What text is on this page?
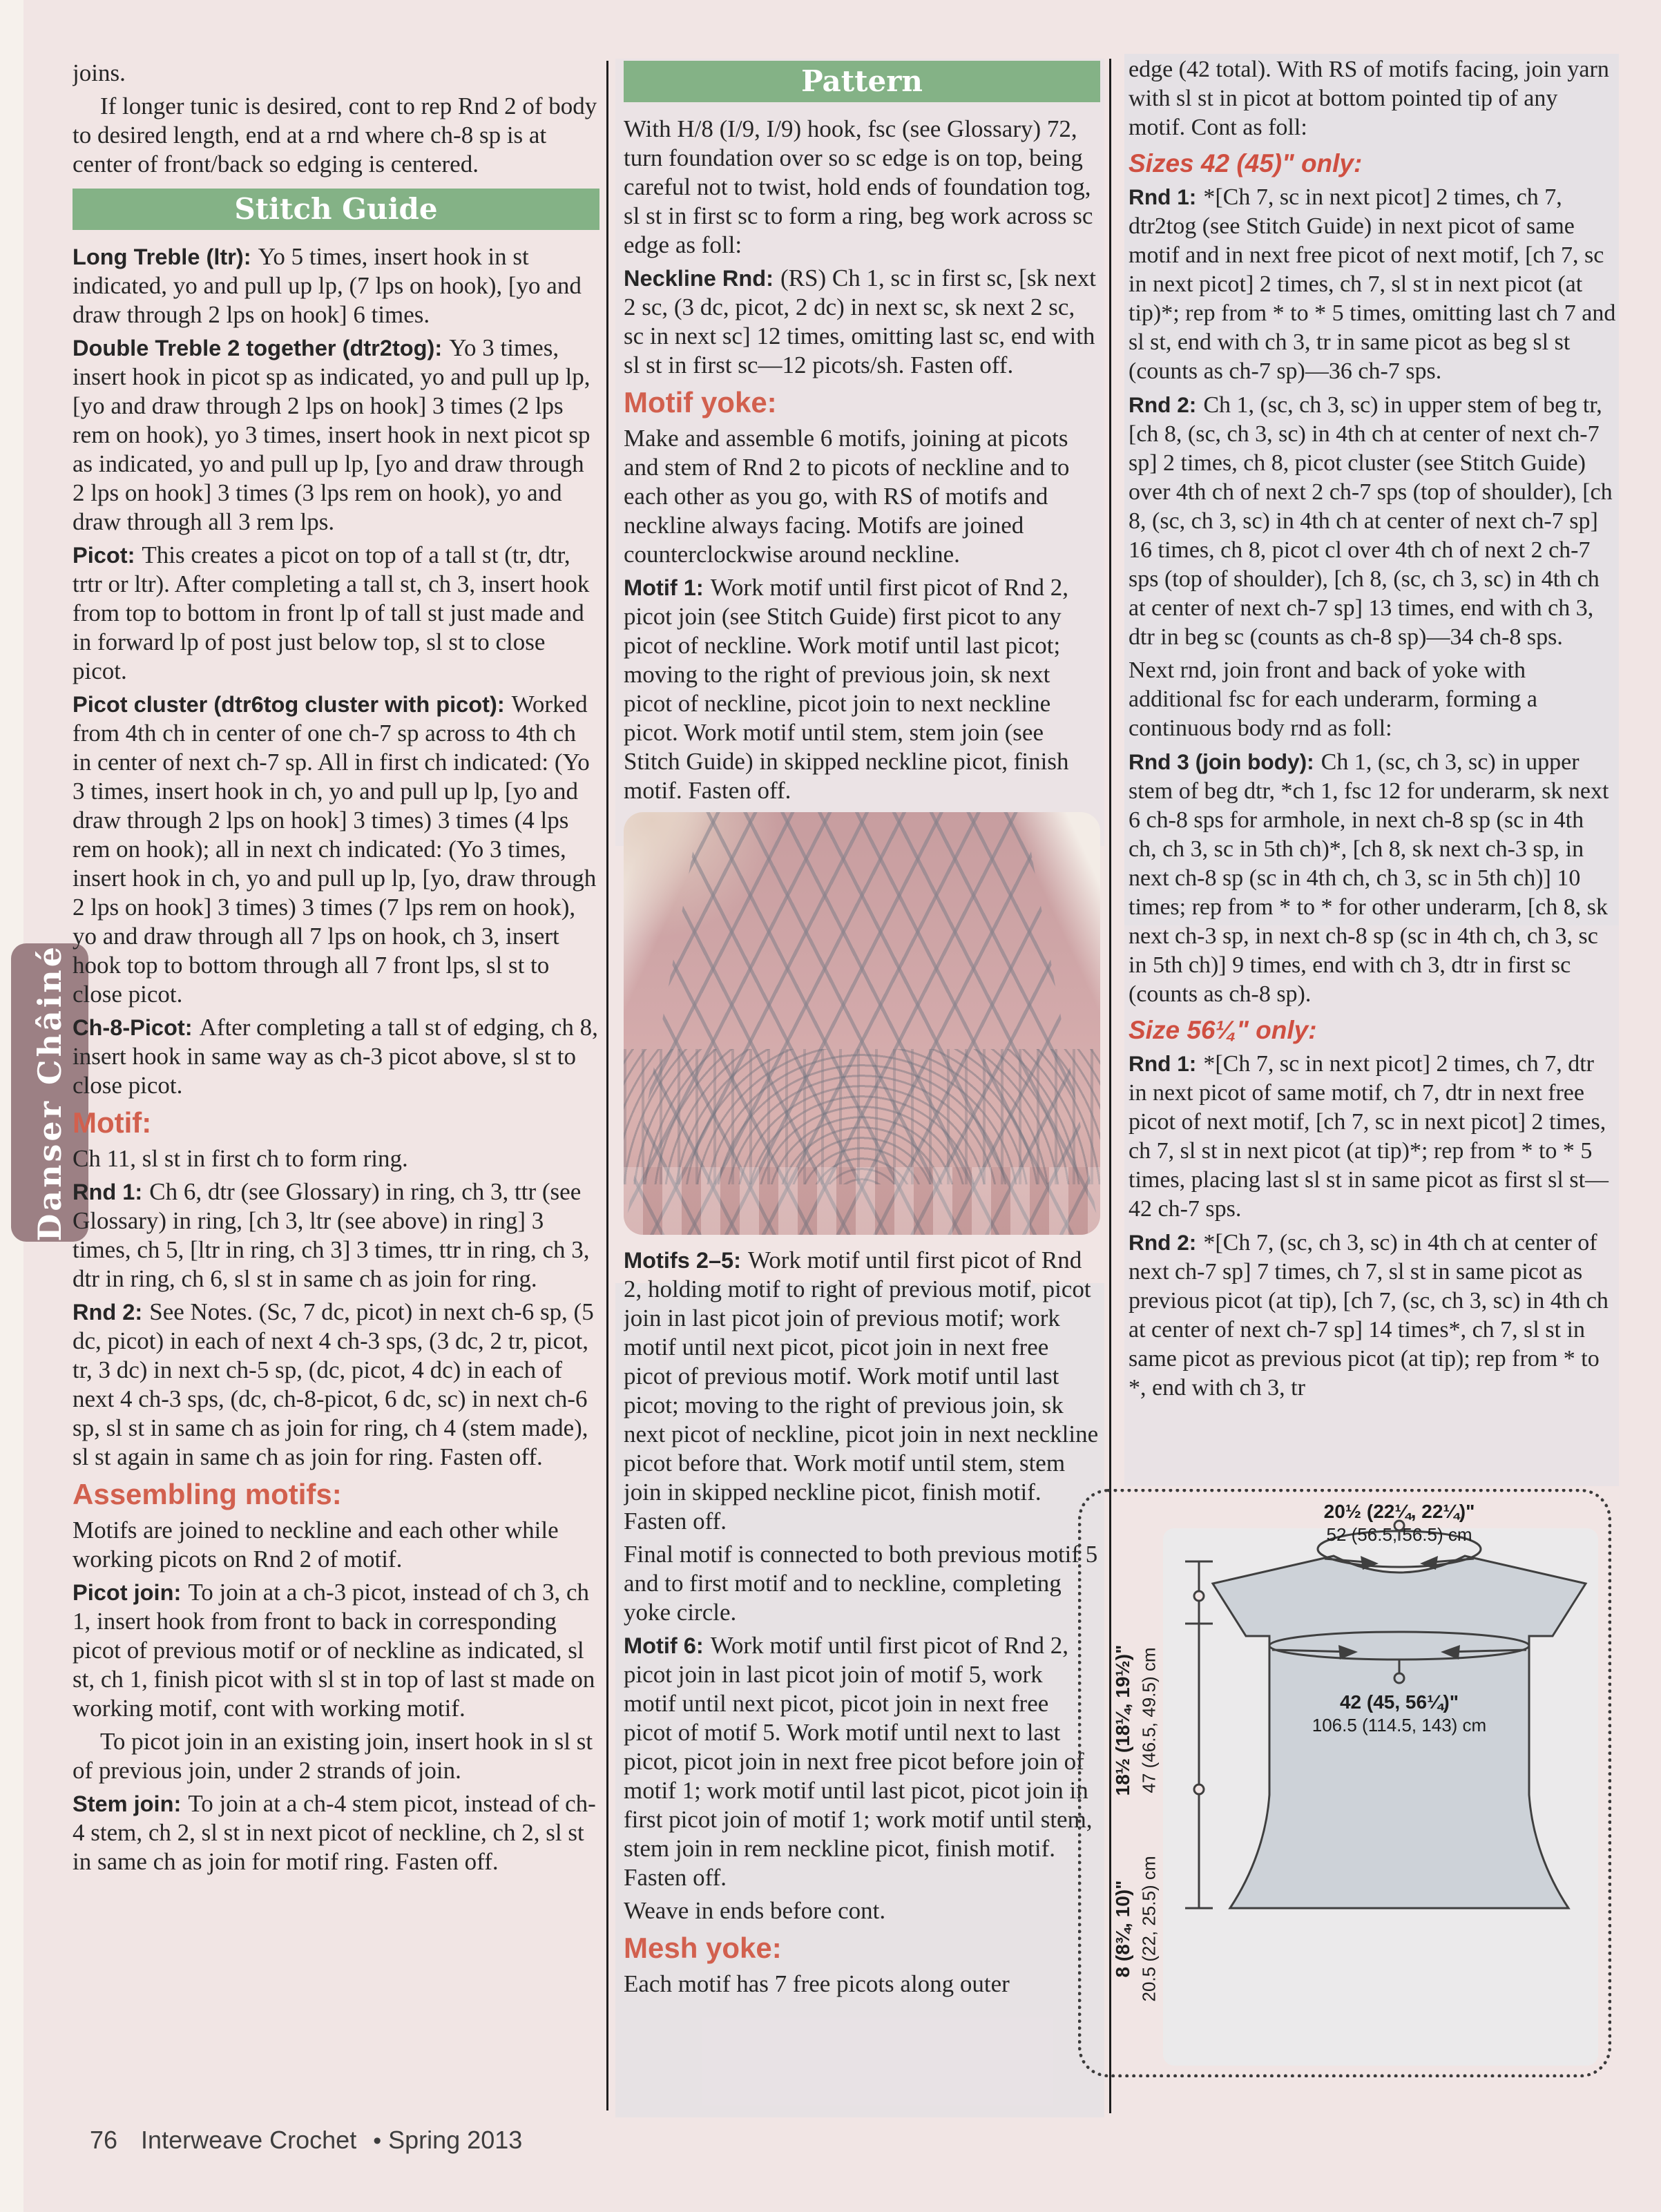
Danser Châiné

joins.

If longer tunic is desired, cont to rep Rnd 2 of body to desired length, end at a rnd where ch-8 sp is at center of front/back so edging is centered.

Stitch Guide

Long Treble (ltr): Yo 5 times, insert hook in st indicated, yo and pull up lp, (7 lps on hook), [yo and draw through 2 lps on hook] 6 times.

Double Treble 2 together (dtr2tog): Yo 3 times, insert hook in picot sp as indicated, yo and pull up lp, [yo and draw through 2 lps on hook] 3 times (2 lps rem on hook), yo 3 times, insert hook in next picot sp as indicated, yo and pull up lp, [yo and draw through 2 lps on hook] 3 times (3 lps rem on hook), yo and draw through all 3 rem lps.

Picot: This creates a picot on top of a tall st (tr, dtr, trtr or ltr). After completing a tall st, ch 3, insert hook from top to bottom in front lp of tall st just made and in forward lp of post just below top, sl st to close picot.

Picot cluster (dtr6tog cluster with picot): Worked from 4th ch in center of one ch-7 sp across to 4th ch in center of next ch-7 sp. All in first ch indicated: (Yo 3 times, insert hook in ch, yo and pull up lp, [yo and draw through 2 lps on hook] 3 times) 3 times (4 lps rem on hook); all in next ch indicated: (Yo 3 times, insert hook in ch, yo and pull up lp, [yo, draw through 2 lps on hook] 3 times) 3 times (7 lps rem on hook), yo and draw through all 7 lps on hook, ch 3, insert hook top to bottom through all 7 front lps, sl st to close picot.

Ch-8-Picot: After completing a tall st of edging, ch 8, insert hook in same way as ch-3 picot above, sl st to close picot.

Motif:

Ch 11, sl st in first ch to form ring.

Rnd 1: Ch 6, dtr (see Glossary) in ring, ch 3, ttr (see Glossary) in ring, [ch 3, ltr (see above) in ring] 3 times, ch 5, [ltr in ring, ch 3] 3 times, ttr in ring, ch 3, dtr in ring, ch 6, sl st in same ch as join for ring.

Rnd 2: See Notes. (Sc, 7 dc, picot) in next ch-6 sp, (5 dc, picot) in each of next 4 ch-3 sps, (3 dc, 2 tr, picot, tr, 3 dc) in next ch-5 sp, (dc, picot, 4 dc) in each of next 4 ch-3 sps, (dc, ch-8-picot, 6 dc, sc) in next ch-6 sp, sl st in same ch as join for ring, ch 4 (stem made), sl st again in same ch as join for ring. Fasten off.

Assembling motifs:

Motifs are joined to neckline and each other while working picots on Rnd 2 of motif.

Picot join: To join at a ch-3 picot, instead of ch 3, ch 1, insert hook from front to back in corresponding picot of previous motif or of neckline as indicated, sl st, ch 1, finish picot with sl st in top of last st made on working motif, cont with working motif.

To picot join in an existing join, insert hook in sl st of previous join, under 2 strands of join.

Stem join: To join at a ch-4 stem picot, instead of ch-4 stem, ch 2, sl st in next picot of neckline, ch 2, sl st in same ch as join for motif ring. Fasten off.

Pattern

With H/8 (I/9, I/9) hook, fsc (see Glossary) 72, turn foundation over so sc edge is on top, being careful not to twist, hold ends of foundation tog, sl st in first sc to form a ring, beg work across sc edge as foll:

Neckline Rnd: (RS) Ch 1, sc in first sc, [sk next 2 sc, (3 dc, picot, 2 dc) in next sc, sk next 2 sc, sc in next sc] 12 times, omitting last sc, end with sl st in first sc—12 picots/sh. Fasten off.

Motif yoke:

Make and assemble 6 motifs, joining at picots and stem of Rnd 2 to picots of neckline and to each other as you go, with RS of motifs and neckline always facing. Motifs are joined counterclockwise around neckline.

Motif 1: Work motif until first picot of Rnd 2, picot join (see Stitch Guide) first picot to any picot of neckline. Work motif until last picot; moving to the right of previous join, sk next picot of neckline, picot join to next neckline picot. Work motif until stem, stem join (see Stitch Guide) in skipped neckline picot, finish motif. Fasten off.

Motifs 2–5: Work motif until first picot of Rnd 2, holding motif to right of previous motif, picot join in last picot join of previous motif; work motif until next picot, picot join in next free picot of previous motif. Work motif until last picot; moving to the right of previous join, sk next picot of neckline, picot join in next neckline picot before that. Work motif until stem, stem join in skipped neckline picot, finish motif. Fasten off.

Final motif is connected to both previous motif 5 and to first motif and to neckline, completing yoke circle.

Motif 6: Work motif until first picot of Rnd 2, picot join in last picot join of motif 5, work motif until next picot, picot join in next free picot of motif 5. Work motif until next to last picot, picot join in next free picot before join of motif 1; work motif until last picot, picot join in first picot join of motif 1; work motif until stem, stem join in rem neckline picot, finish motif. Fasten off.

Weave in ends before cont.

Mesh yoke:

Each motif has 7 free picots along outer

edge (42 total). With RS of motifs facing, join yarn with sl st in picot at bottom pointed tip of any motif. Cont as foll:

Sizes 42 (45)" only:

Rnd 1: *[Ch 7, sc in next picot] 2 times, ch 7, dtr2tog (see Stitch Guide) in next picot of same motif and in next free picot of next motif, [ch 7, sc in next picot] 2 times, ch 7, sl st in next picot (at tip)*; rep from * to * 5 times, omitting last ch 7 and sl st, end with ch 3, tr in same picot as beg sl st (counts as ch-7 sp)—36 ch-7 sps.

Rnd 2: Ch 1, (sc, ch 3, sc) in upper stem of beg tr, [ch 8, (sc, ch 3, sc) in 4th ch at center of next ch-7 sp] 2 times, ch 8, picot cluster (see Stitch Guide) over 4th ch of next 2 ch-7 sps (top of shoulder), [ch 8, (sc, ch 3, sc) in 4th ch at center of next ch-7 sp] 16 times, ch 8, picot cl over 4th ch of next 2 ch-7 sps (top of shoulder), [ch 8, (sc, ch 3, sc) in 4th ch at center of next ch-7 sp] 13 times, end with ch 3, dtr in beg sc (counts as ch-8 sp)—34 ch-8 sps.

Next rnd, join front and back of yoke with additional fsc for each underarm, forming a continuous body rnd as foll:

Rnd 3 (join body): Ch 1, (sc, ch 3, sc) in upper stem of beg dtr, *ch 1, fsc 12 for underarm, sk next 6 ch-8 sps for armhole, in next ch-8 sp (sc in 4th ch, ch 3, sc in 5th ch)*, [ch 8, sk next ch-3 sp, in next ch-8 sp (sc in 4th ch, ch 3, sc in 5th ch)] 10 times; rep from * to * for other underarm, [ch 8, sk next ch-3 sp, in next ch-8 sp (sc in 4th ch, ch 3, sc in 5th ch)] 9 times, end with ch 3, dtr in first sc (counts as ch-8 sp).

Size 56¼" only:

Rnd 1: *[Ch 7, sc in next picot] 2 times, ch 7, dtr in next picot of same motif, ch 7, dtr in next free picot of next motif, [ch 7, sc in next picot] 2 times, ch 7, sl st in next picot (at tip)*; rep from * to * 5 times, placing last sl st in same picot as first sl st—42 ch-7 sps.

Rnd 2: *[Ch 7, (sc, ch 3, sc) in 4th ch at center of next ch-7 sp] 7 times, ch 7, sl st in same picot as previous picot (at tip), [ch 7, (sc, ch 3, sc) in 4th ch at center of next ch-7 sp] 14 times*, ch 7, sl st in same picot as previous picot (at tip); rep from * to *, end with ch 3, tr

20½ (22¼, 22¼)"
52 (56.5, 56.5) cm
42 (45, 56¼)"
106.5 (114.5, 143) cm
18½ (18¼, 19½)" 47 (46.5, 49.5) cm
8 (8¾, 10)" 20.5 (22, 25.5) cm
76 Interweave Crochet • Spring 2013
